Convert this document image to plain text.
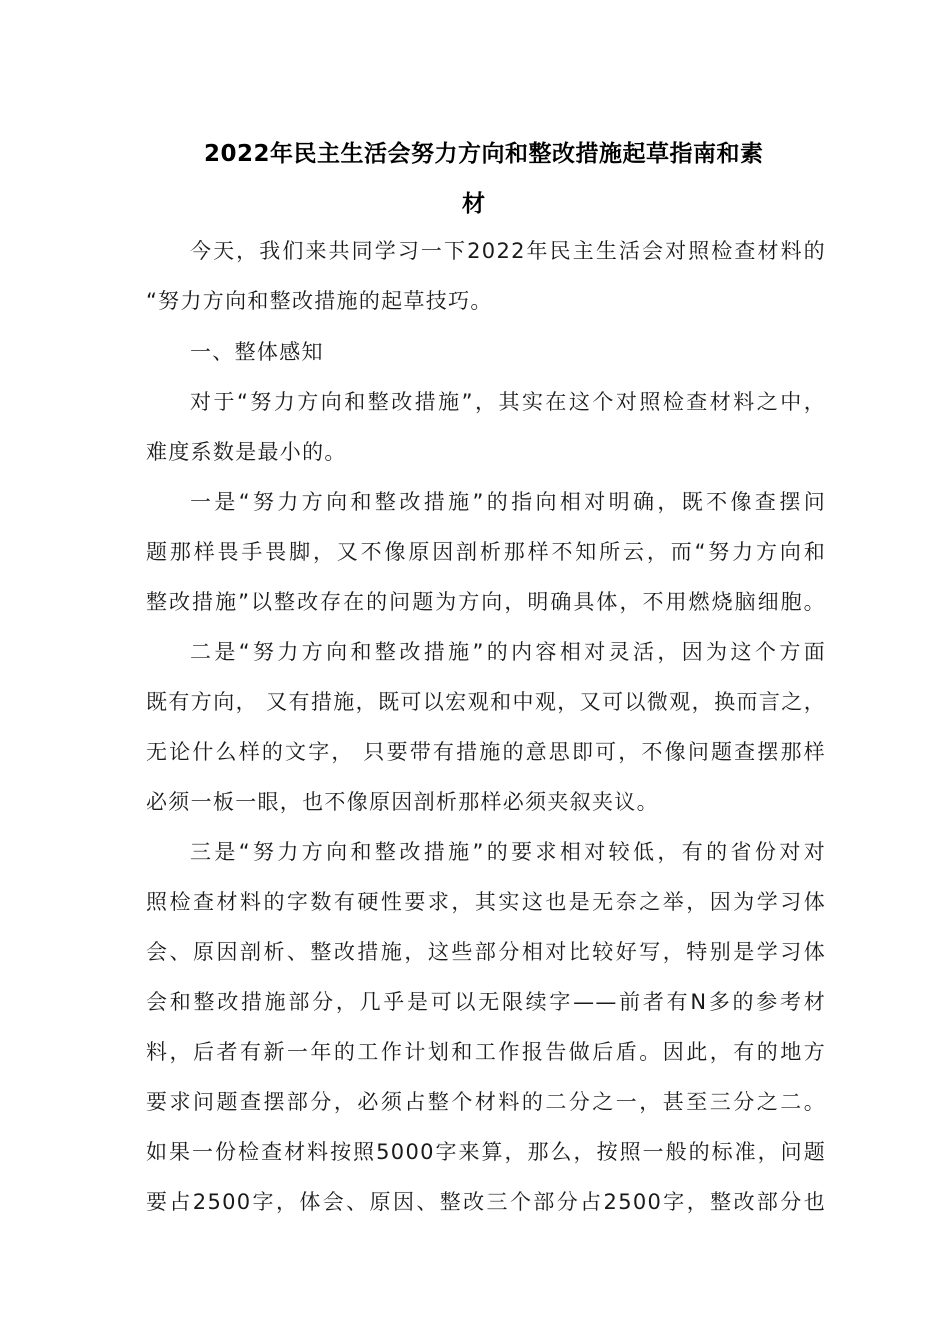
2022年民主生活会努力方向和整改措施起草指南和素
材
今天，我们来共同学习一下2022年民主生活会对照检查材料的
“努力方向和整改措施的起草技巧。
一、整体感知
对于“努力方向和整改措施”，其实在这个对照检查材料之中，
难度系数是最小的。
一是“努力方向和整改措施”的指向相对明确，既不像查摆问
题那样畏手畏脚，又不像原因剖析那样不知所云，而“努力方向和
整改措施”以整改存在的问题为方向，明确具体，不用燃烧脑细胞。
二是“努力方向和整改措施”的内容相对灵活，因为这个方面
既有方向， 又有措施，既可以宏观和中观，又可以微观，换而言之，
无论什么样的文字， 只要带有措施的意思即可，不像问题查摆那样
必须一板一眼，也不像原因剖析那样必须夹叙夹议。
三是“努力方向和整改措施”的要求相对较低，有的省份对对
照检查材料的字数有硬性要求，其实这也是无奈之举，因为学习体
会、原因剖析、整改措施，这些部分相对比较好写，特别是学习体
会和整改措施部分，几乎是可以无限续字——前者有N多的参考材
料，后者有新一年的工作计划和工作报告做后盾。因此，有的地方
要求问题查摆部分，必须占整个材料的二分之一，甚至三分之二。
如果一份检查材料按照5000字来算，那么，按照一般的标准，问题
要占2500字，体会、原因、整改三个部分占2500字，整改部分也
